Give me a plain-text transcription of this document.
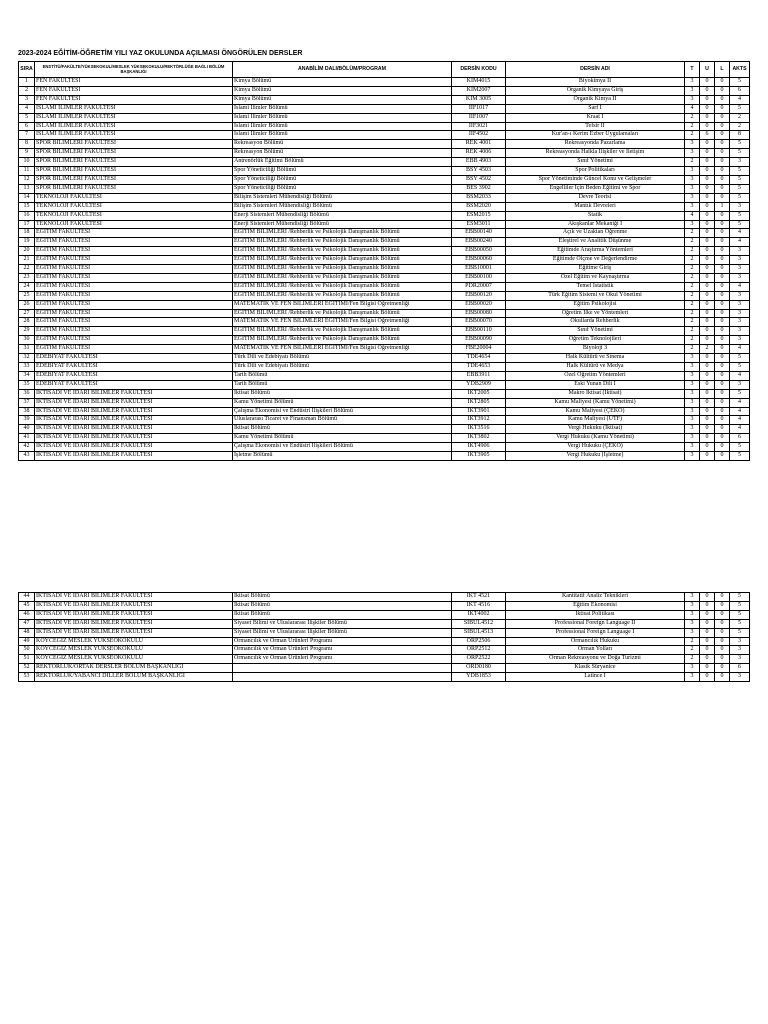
2023-2024 EĞİTİM-ÖĞRETİM YILI YAZ OKULUNDA AÇILMASI ÖNGÖRÜLEN DERSLER
SIRA	ENSTİTÜ/FAKÜLTE/YÜKSEKOKUL/MESLEK YÜKSEKOKULU/REKTÖRLÜĞE BAĞLI BÖLÜM BAŞKANLIĞI	ANABİLİM DALI/BÖLÜM/PROGRAM	DERSİN KODU	DERSİN ADI	T	U	L	AKTS
1	FEN FAKÜLTESİ	Kimya Bölümü	KİM4015	Biyokimya II	3	0	0	5
2	FEN FAKÜLTESİ	Kimya Bölümü	KİM2007	Organik Kimyaya Giriş	3	0	0	6
3	FEN FAKÜLTESİ	Kimya Bölümü	KİM 3005	Organik Kimya II	3	0	0	4
4	İSLAMİ İLİMLER FAKÜLTESİ	İslami İlimler Bölümü	İİF1017	Sarf I	4	0	0	5
5	İSLAMİ İLİMLER FAKÜLTESİ	İslami İlimler Bölümü	İİF1007	Kraat I	2	0	0	2
6	İSLAMİ İLİMLER FAKÜLTESİ	İslami İlimler Bölümü	İİF3021	Tefsir II	2	0	0	2
7	İSLAMİ İLİMLER FAKÜLTESİ	İslami İlimler Bölümü	İİF4502	Kur'an-ı Kerim Ezber Uygulamaları	2	6	0	8
8	SPOR BİLİMLERİ FAKÜLTESİ	Rekreasyon Bölümü	REK 4001	Rekreasyonda Pazarlama	3	0	0	5
9	SPOR BİLİMLERİ FAKÜLTESİ	Rekreasyon Bölümü	REK 4006	Rekreasyonda Halkla İlişkiler ve İletişim	3	0	0	5
10	SPOR BİLİMLERİ FAKÜLTESİ	Antrenörlük Eğitimi Bölümü	EBB 4903	Sınıf Yönetimi	2	0	0	3
11	SPOR BİLİMLERİ FAKÜLTESİ	Spor Yöneticiliği Bölümü	BSY 4503	Spor Politikaları	3	0	0	5
12	SPOR BİLİMLERİ FAKÜLTESİ	Spor Yöneticiliği Bölümü	BSY 4502	Spor Yönetiminde Güncel Konu ve Gelişmeler	3	0	0	5
13	SPOR BİLİMLERİ FAKÜLTESİ	Spor Yöneticiliği Bölümü	BES 3902	Engelliler İçin Beden Eğitimi ve Spor	3	0	0	5
14	TEKNOLOJİ FAKÜLTESİ	Bilişim Sistemleri Mühendisliği Bölümü	BSM2033	Devre Teorisi	3	0	0	5
15	TEKNOLOJİ FAKÜLTESİ	Bilişim Sistemleri Mühendisliği Bölümü	BSM2020	Mantık Devreleri	3	0	1	3
16	TEKNOLOJİ FAKÜLTESİ	Enerji Sistemleri Mühendisliği Bölümü	ESM2015	Statik	4	0	0	5
17	TEKNOLOJİ FAKÜLTESİ	Enerji Sistemleri Mühendisliği Bölümü	ESM3011	Akışkanlar Mekaniği I	3	0	0	5
18	EĞİTİM FAKÜLTESİ	EĞİTİM BİLİMLERİ /Rehberlik ve Psikolojik Danışmanlık Bölümü	EBB00140	Açık ve Uzaktan Öğrenme	2	0	0	4
19	EĞİTİM FAKÜLTESİ	EĞİTİM BİLİMLERİ /Rehberlik ve Psikolojik Danışmanlık Bölümü	EBB00240	Eleştirel ve Analitik Düşünme	2	0	0	4
20	EĞİTİM FAKÜLTESİ	EĞİTİM BİLİMLERİ /Rehberlik ve Psikolojik Danışmanlık Bölümü	EBB00050	Eğitimde Araştırma Yöntemleri	2	0	0	3
21	EĞİTİM FAKÜLTESİ	EĞİTİM BİLİMLERİ /Rehberlik ve Psikolojik Danışmanlık Bölümü	EBB00060	Eğitimde Ölçme ve Değerlendirme	2	0	0	3
22	EĞİTİM FAKÜLTESİ	EĞİTİM BİLİMLERİ /Rehberlik ve Psikolojik Danışmanlık Bölümü	EBB10001	Eğitime Giriş	2	0	0	3
23	EĞİTİM FAKÜLTESİ	EĞİTİM BİLİMLERİ /Rehberlik ve Psikolojik Danışmanlık Bölümü	EBB00100	Özel Eğitim ve Kaynaştırma	2	0	0	3
24	EĞİTİM FAKÜLTESİ	EĞİTİM BİLİMLERİ /Rehberlik ve Psikolojik Danışmanlık Bölümü	PDR20007	Temel İstatistik	2	0	0	4
25	EĞİTİM FAKÜLTESİ	EĞİTİM BİLİMLERİ /Rehberlik ve Psikolojik Danışmanlık Bölümü	EBB00120	Türk Eğitim Sistemi ve Okul Yönetimi	2	0	0	3
26	EĞİTİM FAKÜLTESİ	MATEMATİK VE FEN BİLİMLERİ EĞİTİMİ/Fen Bilgisi Öğretmenliği	EBB00020	Eğitim Psikolojisi	2	0	0	3
27	EĞİTİM FAKÜLTESİ	EĞİTİM BİLİMLERİ /Rehberlik ve Psikolojik Danışmanlık Bölümü	EBB00080	Öğretim İlke ve Yöntemleri	2	0	0	3
28	EĞİTİM FAKÜLTESİ	MATEMATİK VE FEN BİLİMLERİ EĞİTİMİ/Fen Bilgisi Öğretmenliği	EBB00070	Okullarda Rehberlik	2	0	0	3
29	EĞİTİM FAKÜLTESİ	EĞİTİM BİLİMLERİ /Rehberlik ve Psikolojik Danışmanlık Bölümü	EBB00110	Sınıf Yönetimi	2	0	0	3
30	EĞİTİM FAKÜLTESİ	EĞİTİM BİLİMLERİ /Rehberlik ve Psikolojik Danışmanlık Bölümü	EBB00090	Öğretim Teknolojileri	2	0	0	3
31	EĞİTİM FAKÜLTESİ	MATEMATİK VE FEN BİLİMLERİ EĞİTİMİ/Fen Bilgisi Öğretmenliği	FBE20004	Biyoloji 3	2	2	0	4
32	EDEBİYAT FAKÜLTESİ	Türk Dili ve Edebiyatı Bölümü	TDE4654	Halk Kültürü ve Sinema	3	0	0	5
33	EDEBİYAT FAKÜLTESİ	Türk Dili ve Edebiyatı Bölümü	TDE4653	Halk Kültürü ve Medya	3	0	0	5
34	EDEBİYAT FAKÜLTESİ	Tarih Bölümü	EBB3911	Özel Öğretim Yöntemleri	3	0	0	4
35	EDEBİYAT FAKÜLTESİ	Tarih Bölümü	YDB2909	Eski Yunan Dili I	3	0	0	3
36	İKTİSADİ VE İDARİ BİLİMLER FAKÜLTESİ	İktisat Bölümü	İKT2005	Makro İktisat (İktisat)	3	0	0	5
37	İKTİSADİ VE İDARİ BİLİMLER FAKÜLTESİ	Kamu Yönetimi Bölümü	İKT2805	Kamu Maliyesi (Kamu Yönetimi)	3	0	0	4
38	İKTİSADİ VE İDARİ BİLİMLER FAKÜLTESİ	Çalışma Ekonomisi ve Endüstri İlişkileri Bölümü	İKT3901	Kamu Maliyesi (ÇEKO)	3	0	0	4
39	İKTİSADİ VE İDARİ BİLİMLER FAKÜLTESİ	Uluslararası Ticaret ve Finansman Bölümü	İKT3912	Kamu Maliyesi (UTF)	3	0	0	4
40	İKTİSADİ VE İDARİ BİLİMLER FAKÜLTESİ	İktisat Bölümü	İKT3516	Vergi Hukuku (İktisat)	3	0	0	4
41	İKTİSADİ VE İDARİ BİLİMLER FAKÜLTESİ	Kamu Yönetimi Bölümü	İKT3802	Vergi Hukuku (Kamu Yönetimi)	3	0	0	6
42	İKTİSADİ VE İDARİ BİLİMLER FAKÜLTESİ	Çalışma Ekonomisi ve Endüstri İlişkileri Bölümü	İKT4906	Vergi Hukuku (ÇEKO)	3	0	0	5
43	İKTİSADİ VE İDARİ BİLİMLER FAKÜLTESİ	İşletme Bölümü	İKT3905	Vergi Hukuku (İşletme)	3	0	0	5
44	İKTİSADİ VE İDARİ BİLİMLER FAKÜLTESİ	İktisat Bölümü	İKT 4521	Kantitatif Analiz Teknikleri	3	0	0	5
45	İKTİSADİ VE İDARİ BİLİMLER FAKÜLTESİ	İktisat Bölümü	İKT 4516	Eğitim Ekonomisi	3	0	0	5
46	İKTİSADİ VE İDARİ BİLİMLER FAKÜLTESİ	İktisat Bölümü	İKT4002	İktisat Politikası	3	0	0	5
47	İKTİSADİ VE İDARİ BİLİMLER FAKÜLTESİ	Siyaset Bilimi ve Uluslararası İlişkiler Bölümü	SİBUL4512	Professional Foreign Language II	3	0	0	5
48	İKTİSADİ VE İDARİ BİLİMLER FAKÜLTESİ	Siyaset Bilimi ve Uluslararası İlişkiler Bölümü	SİBUL4513	Professional Foreign Language I	3	0	0	5
49	KÖYCEĞİZ MESLEK YÜKSEOKOKULU	Ormancılık ve Orman Ürünleri Programı	ORP2506	Ormancılık Hukuku	2	0	0	3
50	KÖYCEĞİZ MESLEK YÜKSEOKOKULU	Ormancılık ve Orman Ürünleri Programı	ORP2512	Orman Yolları	2	0	0	3
51	KÖYCEĞİZ MESLEK YÜKSEOKOKULU	Ormancılık ve Orman Ürünleri Programı	ORP2522	Orman Rekreasyonu ve Doğa Turizmi	2	0	0	3
52	REKTÖRLÜK/ORTAK DERSLER BÖLÜM BAŞKANLIĞI		ORD0180	Klasik Süryanice	3	0	0	6
53	REKTÖRLÜK/YABANCI DİLLER BÖLÜM BAŞKANLIĞI		YDB1853	Latince I	3	0	0	3
